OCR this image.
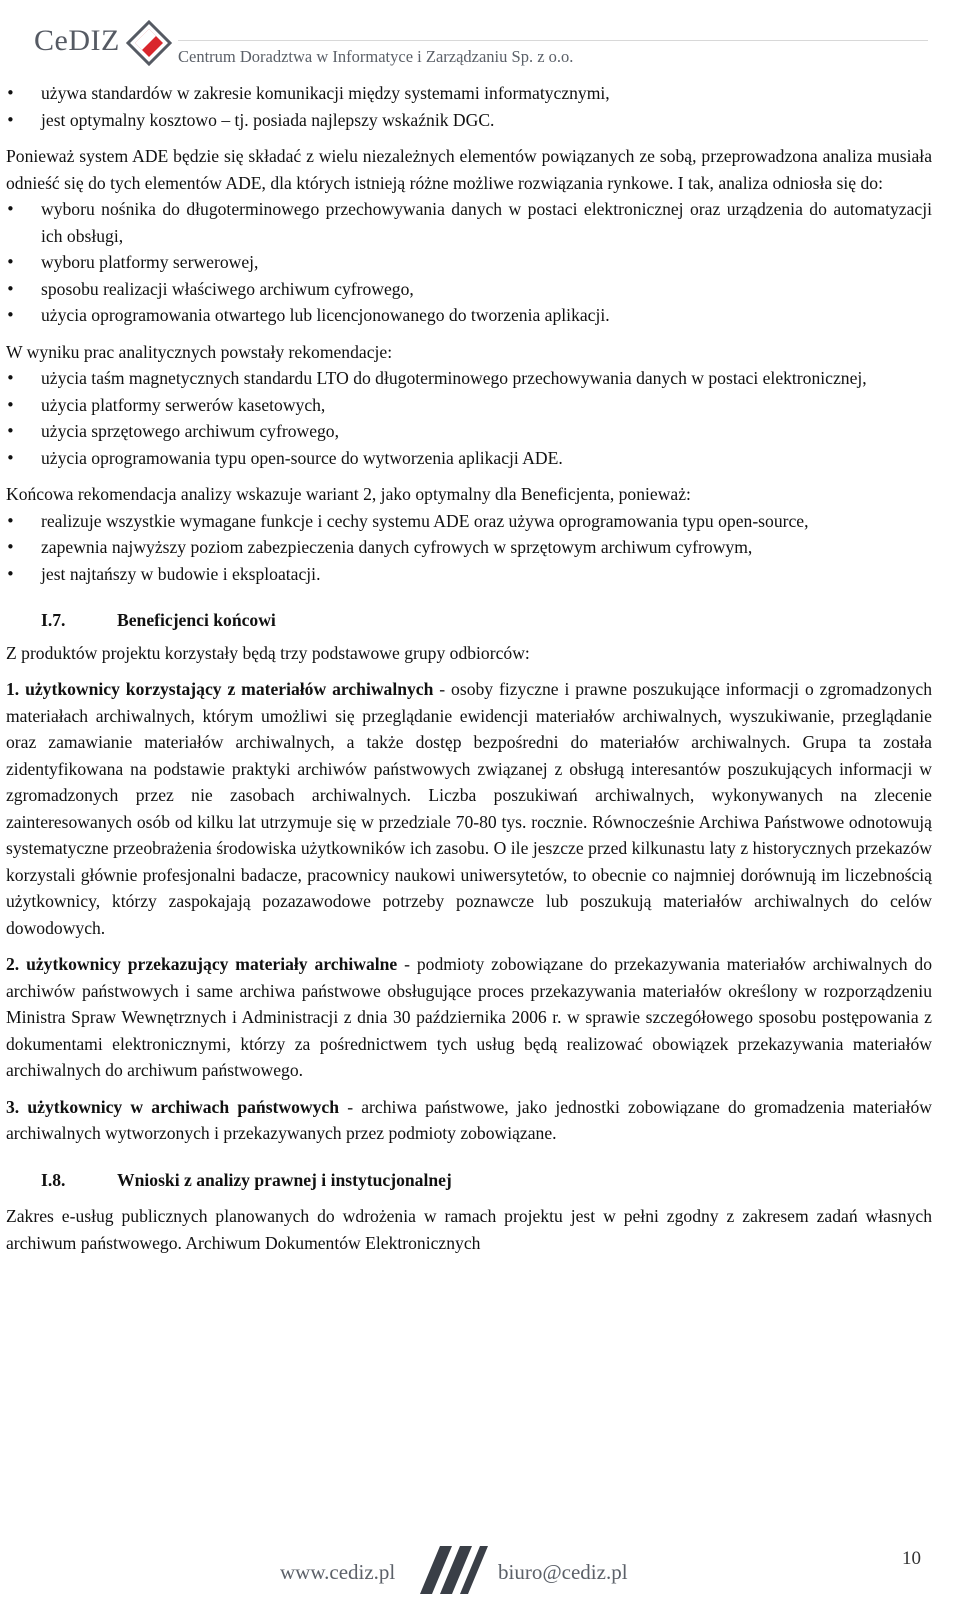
CeDIZ	Centrum Doradztwa w Informatyce i Zarządzaniu Sp. z o.o.
• używa standardów w zakresie komunikacji między systemami informatycznymi,
• jest optymalny kosztowo – tj. posiada najlepszy wskaźnik DGC.

Ponieważ system ADE będzie się składać z wielu niezależnych elementów powiązanych ze sobą, przeprowadzona analiza musiała odnieść się do tych elementów ADE, dla których istnieją różne możliwe rozwiązania rynkowe. I tak, analiza odniosła się do:

• wyboru nośnika do długoterminowego przechowywania danych w postaci elektronicznej oraz urządzenia do automatyzacji ich obsługi,
• wyboru platformy serwerowej,
• sposobu realizacji właściwego archiwum cyfrowego,
• użycia oprogramowania otwartego lub licencjonowanego do tworzenia aplikacji.

W wyniku prac analitycznych powstały rekomendacje:

• użycia taśm magnetycznych standardu LTO do długoterminowego przechowywania danych w postaci elektronicznej,
• użycia platformy serwerów kasetowych,
• użycia sprzętowego archiwum cyfrowego,
• użycia oprogramowania typu open-source do wytworzenia aplikacji ADE.

Końcowa rekomendacja analizy wskazuje wariant 2, jako optymalny dla Beneficjenta, ponieważ:

• realizuje wszystkie wymagane funkcje i cechy systemu ADE oraz używa oprogramowania typu open-source,
• zapewnia najwyższy poziom zabezpieczenia danych cyfrowych w sprzętowym archiwum cyfrowym,
• jest najtańszy w budowie i eksploatacji.
I.7.	Beneficjenci końcowi

Z produktów projektu korzystały będą trzy podstawowe grupy odbiorców:

1. użytkownicy korzystający z materiałów archiwalnych - osoby fizyczne i prawne poszukujące informacji o zgromadzonych materiałach archiwalnych, którym umożliwi się przeglądanie ewidencji materiałów archiwalnych, wyszukiwanie, przeglądanie oraz zamawianie materiałów archiwalnych, a także dostęp bezpośredni do materiałów archiwalnych. Grupa ta została zidentyfikowana na podstawie praktyki archiwów państwowych związanej z obsługą interesantów poszukujących informacji w zgromadzonych przez nie zasobach archiwalnych. Liczba poszukiwań archiwalnych, wykonywanych na zlecenie zainteresowanych osób od kilku lat utrzymuje się w przedziale 70-80 tys. rocznie. Równocześnie Archiwa Państwowe odnotowują systematyczne przeobrażenia środowiska użytkowników ich zasobu. O ile jeszcze przed kilkunastu laty z historycznych przekazów korzystali głównie profesjonalni badacze, pracownicy naukowi uniwersytetów, to obecnie co najmniej dorównują im liczebnością użytkownicy, którzy zaspokajają pozazawodowe potrzeby poznawcze lub poszukują materiałów archiwalnych do celów dowodowych.

2. użytkownicy przekazujący materiały archiwalne - podmioty zobowiązane do przekazywania materiałów archiwalnych do archiwów państwowych i same archiwa państwowe obsługujące proces przekazywania materiałów określony w rozporządzeniu Ministra Spraw Wewnętrznych i Administracji z dnia 30 października 2006 r. w sprawie szczegółowego sposobu postępowania z dokumentami elektronicznymi, którzy za pośrednictwem tych usług będą realizować obowiązek przekazywania materiałów archiwalnych do archiwum państwowego.

3. użytkownicy w archiwach państwowych - archiwa państwowe, jako jednostki zobowiązane do gromadzenia materiałów archiwalnych wytworzonych i przekazywanych przez podmioty zobowiązane.

I.8.	Wnioski z analizy prawnej i instytucjonalnej

Zakres e-usług publicznych planowanych do wdrożenia w ramach projektu jest w pełni zgodny z zakresem zadań własnych archiwum państwowego. Archiwum Dokumentów Elektronicznych

www.cediz.pl	biuro@cediz.pl
10
